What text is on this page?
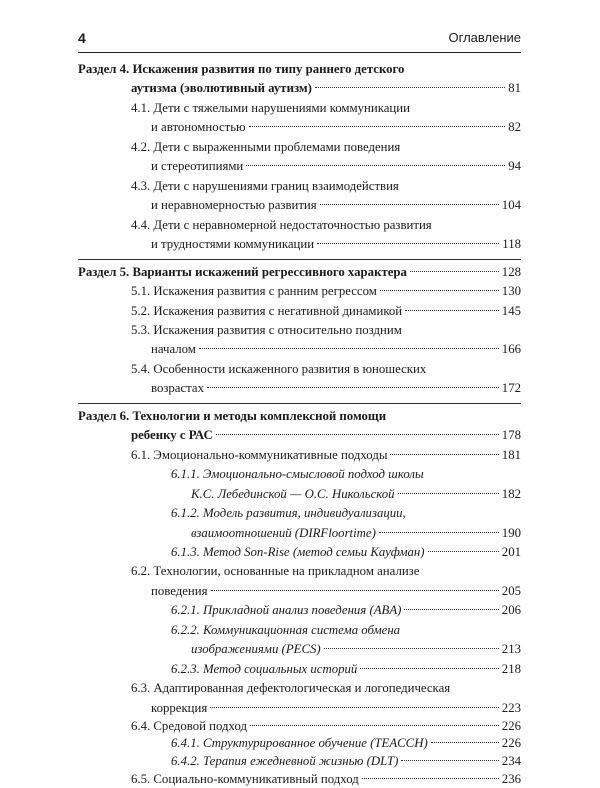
4	Оглавление
Раздел 4. Искажения развития по типу раннего детского
аутизма (эволютивный аутизм)	81
4.1. Дети с тяжелыми нарушениями коммуникации
и автономностью	82
4.2. Дети с выраженными проблемами поведения
и стереотипиями	94
4.3. Дети с нарушениями границ взаимодействия
и неравномерностью развития	104
4.4. Дети с неравномерной недостаточностью развития
и трудностями коммуникации	118
Раздел 5. Варианты искажений регрессивного характера	128
5.1. Искажения развития с ранним регрессом	130
5.2. Искажения развития с негативной динамикой	145
5.3. Искажения развития с относительно поздним
началом	166
5.4. Особенности искаженного развития в юношеских
возрастах	172
Раздел 6. Технологии и методы комплексной помощи
ребенку с РАС	178
6.1. Эмоционально-коммуникативные подходы	181
6.1.1. Эмоционально-смысловой подход школы
К.С. Лебединской — О.С. Никольской	182
6.1.2. Модель развития, индивидуализации,
взаимоотношений (DIRFloortime)	190
6.1.3. Метод Son-Rise (метод семьи Кауфман)	201
6.2. Технологии, основанные на прикладном анализе
поведения	205
6.2.1. Прикладной анализ поведения (ABA)	206
6.2.2. Коммуникационная система обмена
изображениями (PECS)	213
6.2.3. Метод социальных историй	218
6.3. Адаптированная дефектологическая и логопедическая
коррекция	223
6.4. Средовой подход	226
6.4.1. Структурированное обучение (TEACCH)	226
6.4.2. Терапия ежедневной жизнью (DLT)	234
6.5. Социально-коммуникативный подход	236
